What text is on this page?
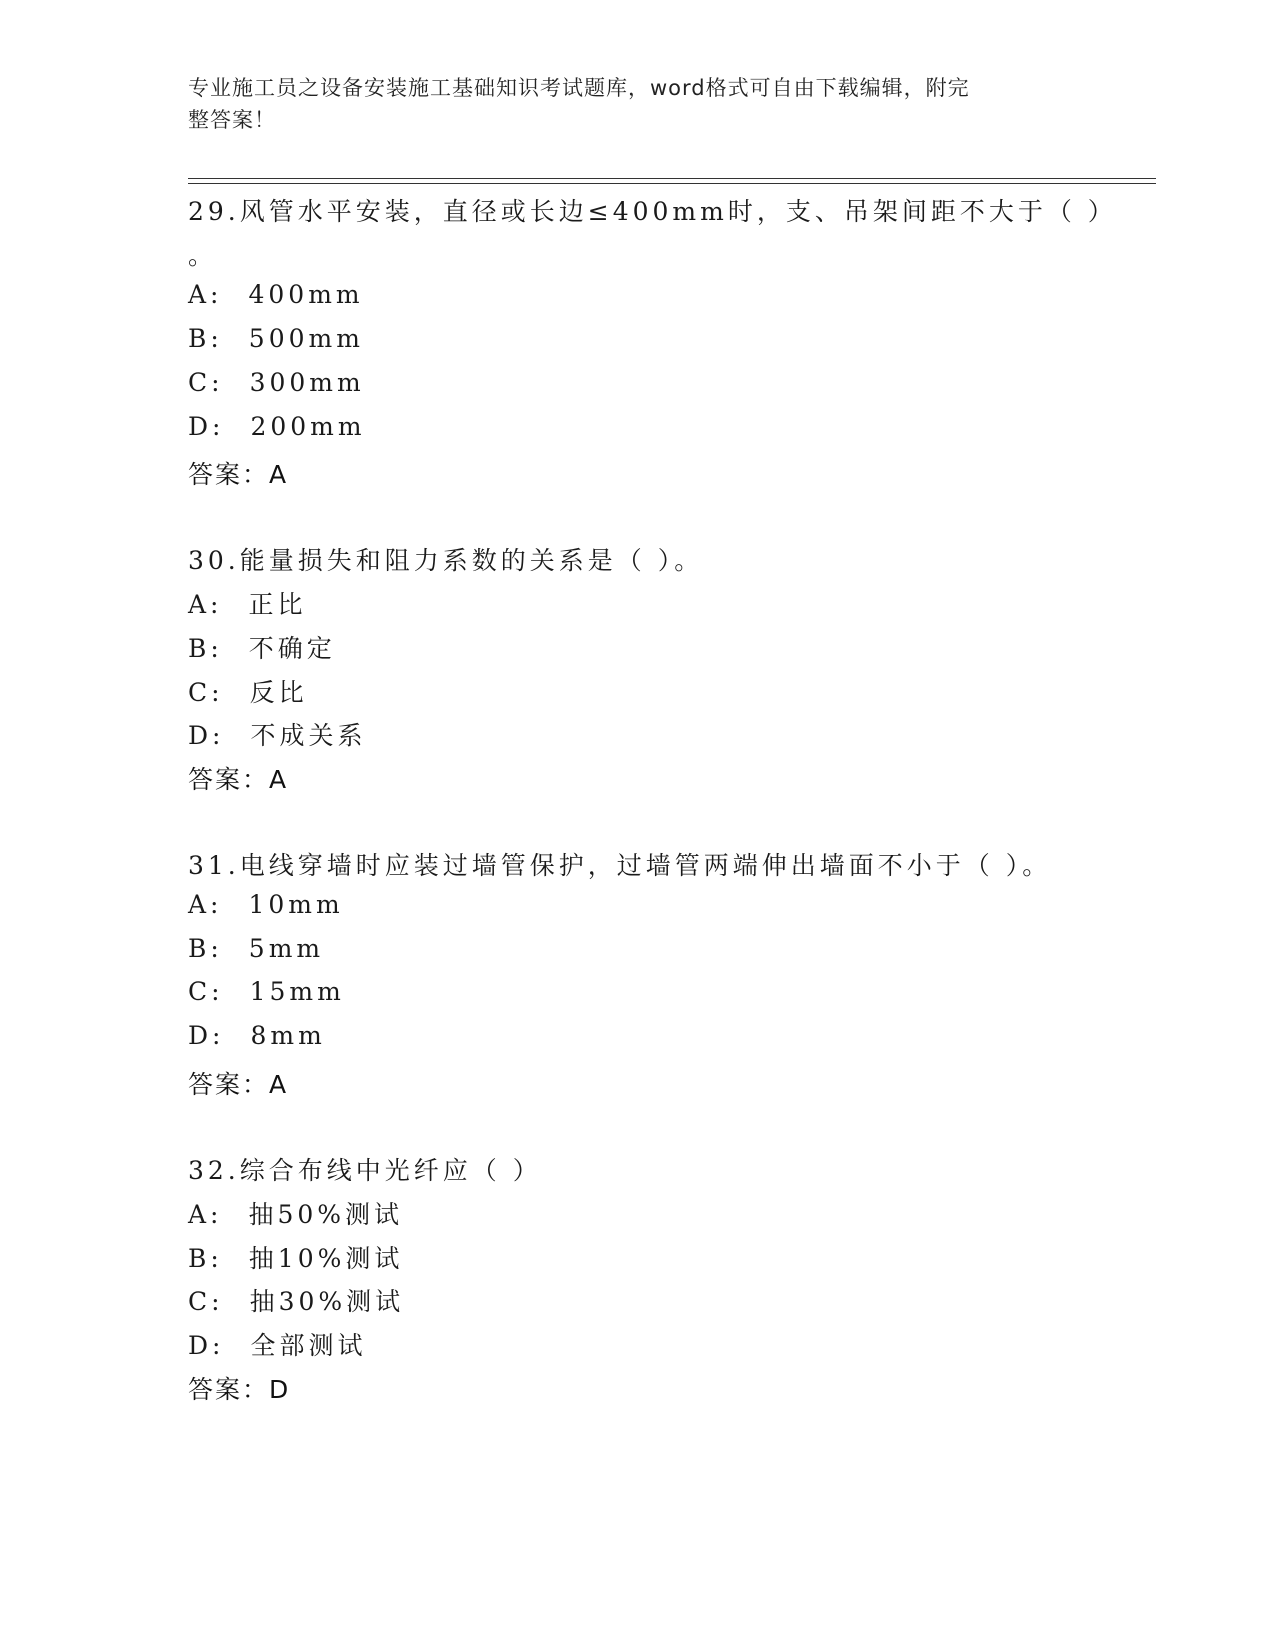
专业施工员之设备安装施工基础知识考试题库，word格式可自由下载编辑，附完
整答案！
29.风管水平安装，直径或长边≤400mm时，支、吊架间距不大于（ ）
。
A: 400mm
B: 500mm
C: 300mm
D: 200mm
答案：A
30.能量损失和阻力系数的关系是（ ）。
A: 正比
B: 不确定
C: 反比
D: 不成关系
答案：A
31.电线穿墙时应装过墙管保护，过墙管两端伸出墙面不小于（ ）。
A: 10mm
B: 5mm
C: 15mm
D: 8mm
答案：A
32.综合布线中光纤应（ ）
A: 抽50%测试
B: 抽10%测试
C: 抽30%测试
D: 全部测试
答案：D
